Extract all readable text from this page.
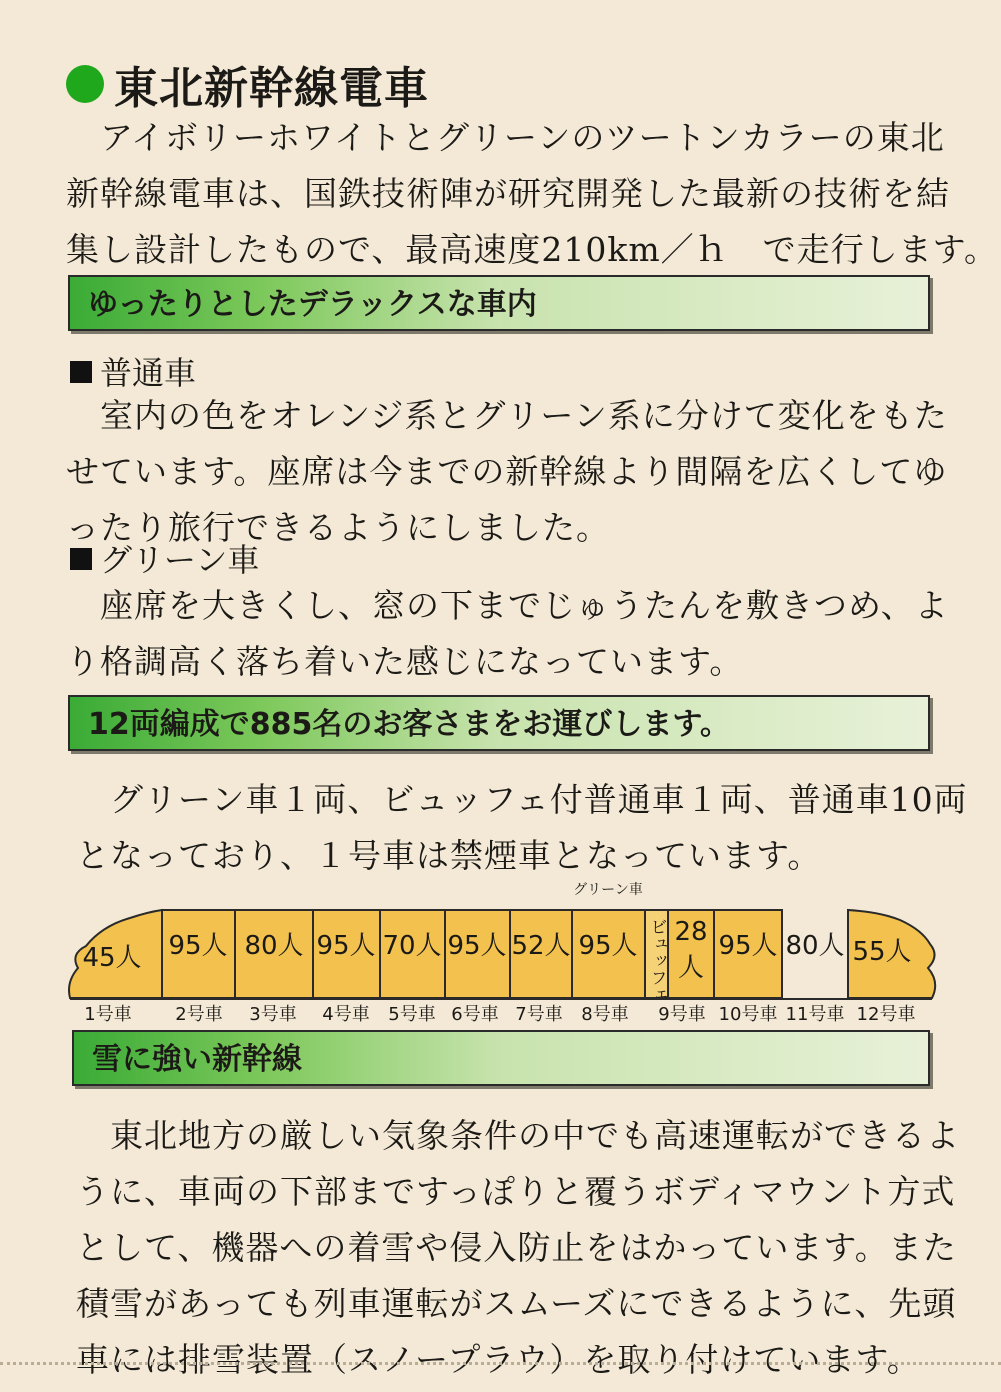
東北新幹線電車
　アイボリーホワイトとグリーンのツートンカラーの東北
新幹線電車は、国鉄技術陣が研究開発した最新の技術を結
集し設計したもので、最高速度210km／ｈ　で走行します。
ゆったりとしたデラックスな車内
普通車
　室内の色をオレンジ系とグリーン系に分けて変化をもた
せています。座席は今までの新幹線より間隔を広くしてゆ
ったり旅行できるようにしました。
グリーン車
　座席を大きくし、窓の下までじゅうたんを敷きつめ、よ
り格調高く落ち着いた感じになっています。
12両編成で885名のお客さまをお運びします。
　グリーン車１両、ビュッフェ付普通車１両、普通車10両
となっており、１号車は禁煙車となっています。
グリーン車
ビュッフェ
45人 95人 80人 95人 70人 95人 52人 95人 28
人
95人 80人 55人
1号車 2号車 3号車 4号車 5号車 6号車 7号車 8号車 9号車 10号車 11号車 12号車
雪に強い新幹線
　東北地方の厳しい気象条件の中でも高速運転ができるよ
うに、車両の下部まですっぽりと覆うボディマウント方式
として、機器への着雪や侵入防止をはかっています。また
積雪があっても列車運転がスムーズにできるように、先頭
車には排雪装置（スノープラウ）を取り付けています。
